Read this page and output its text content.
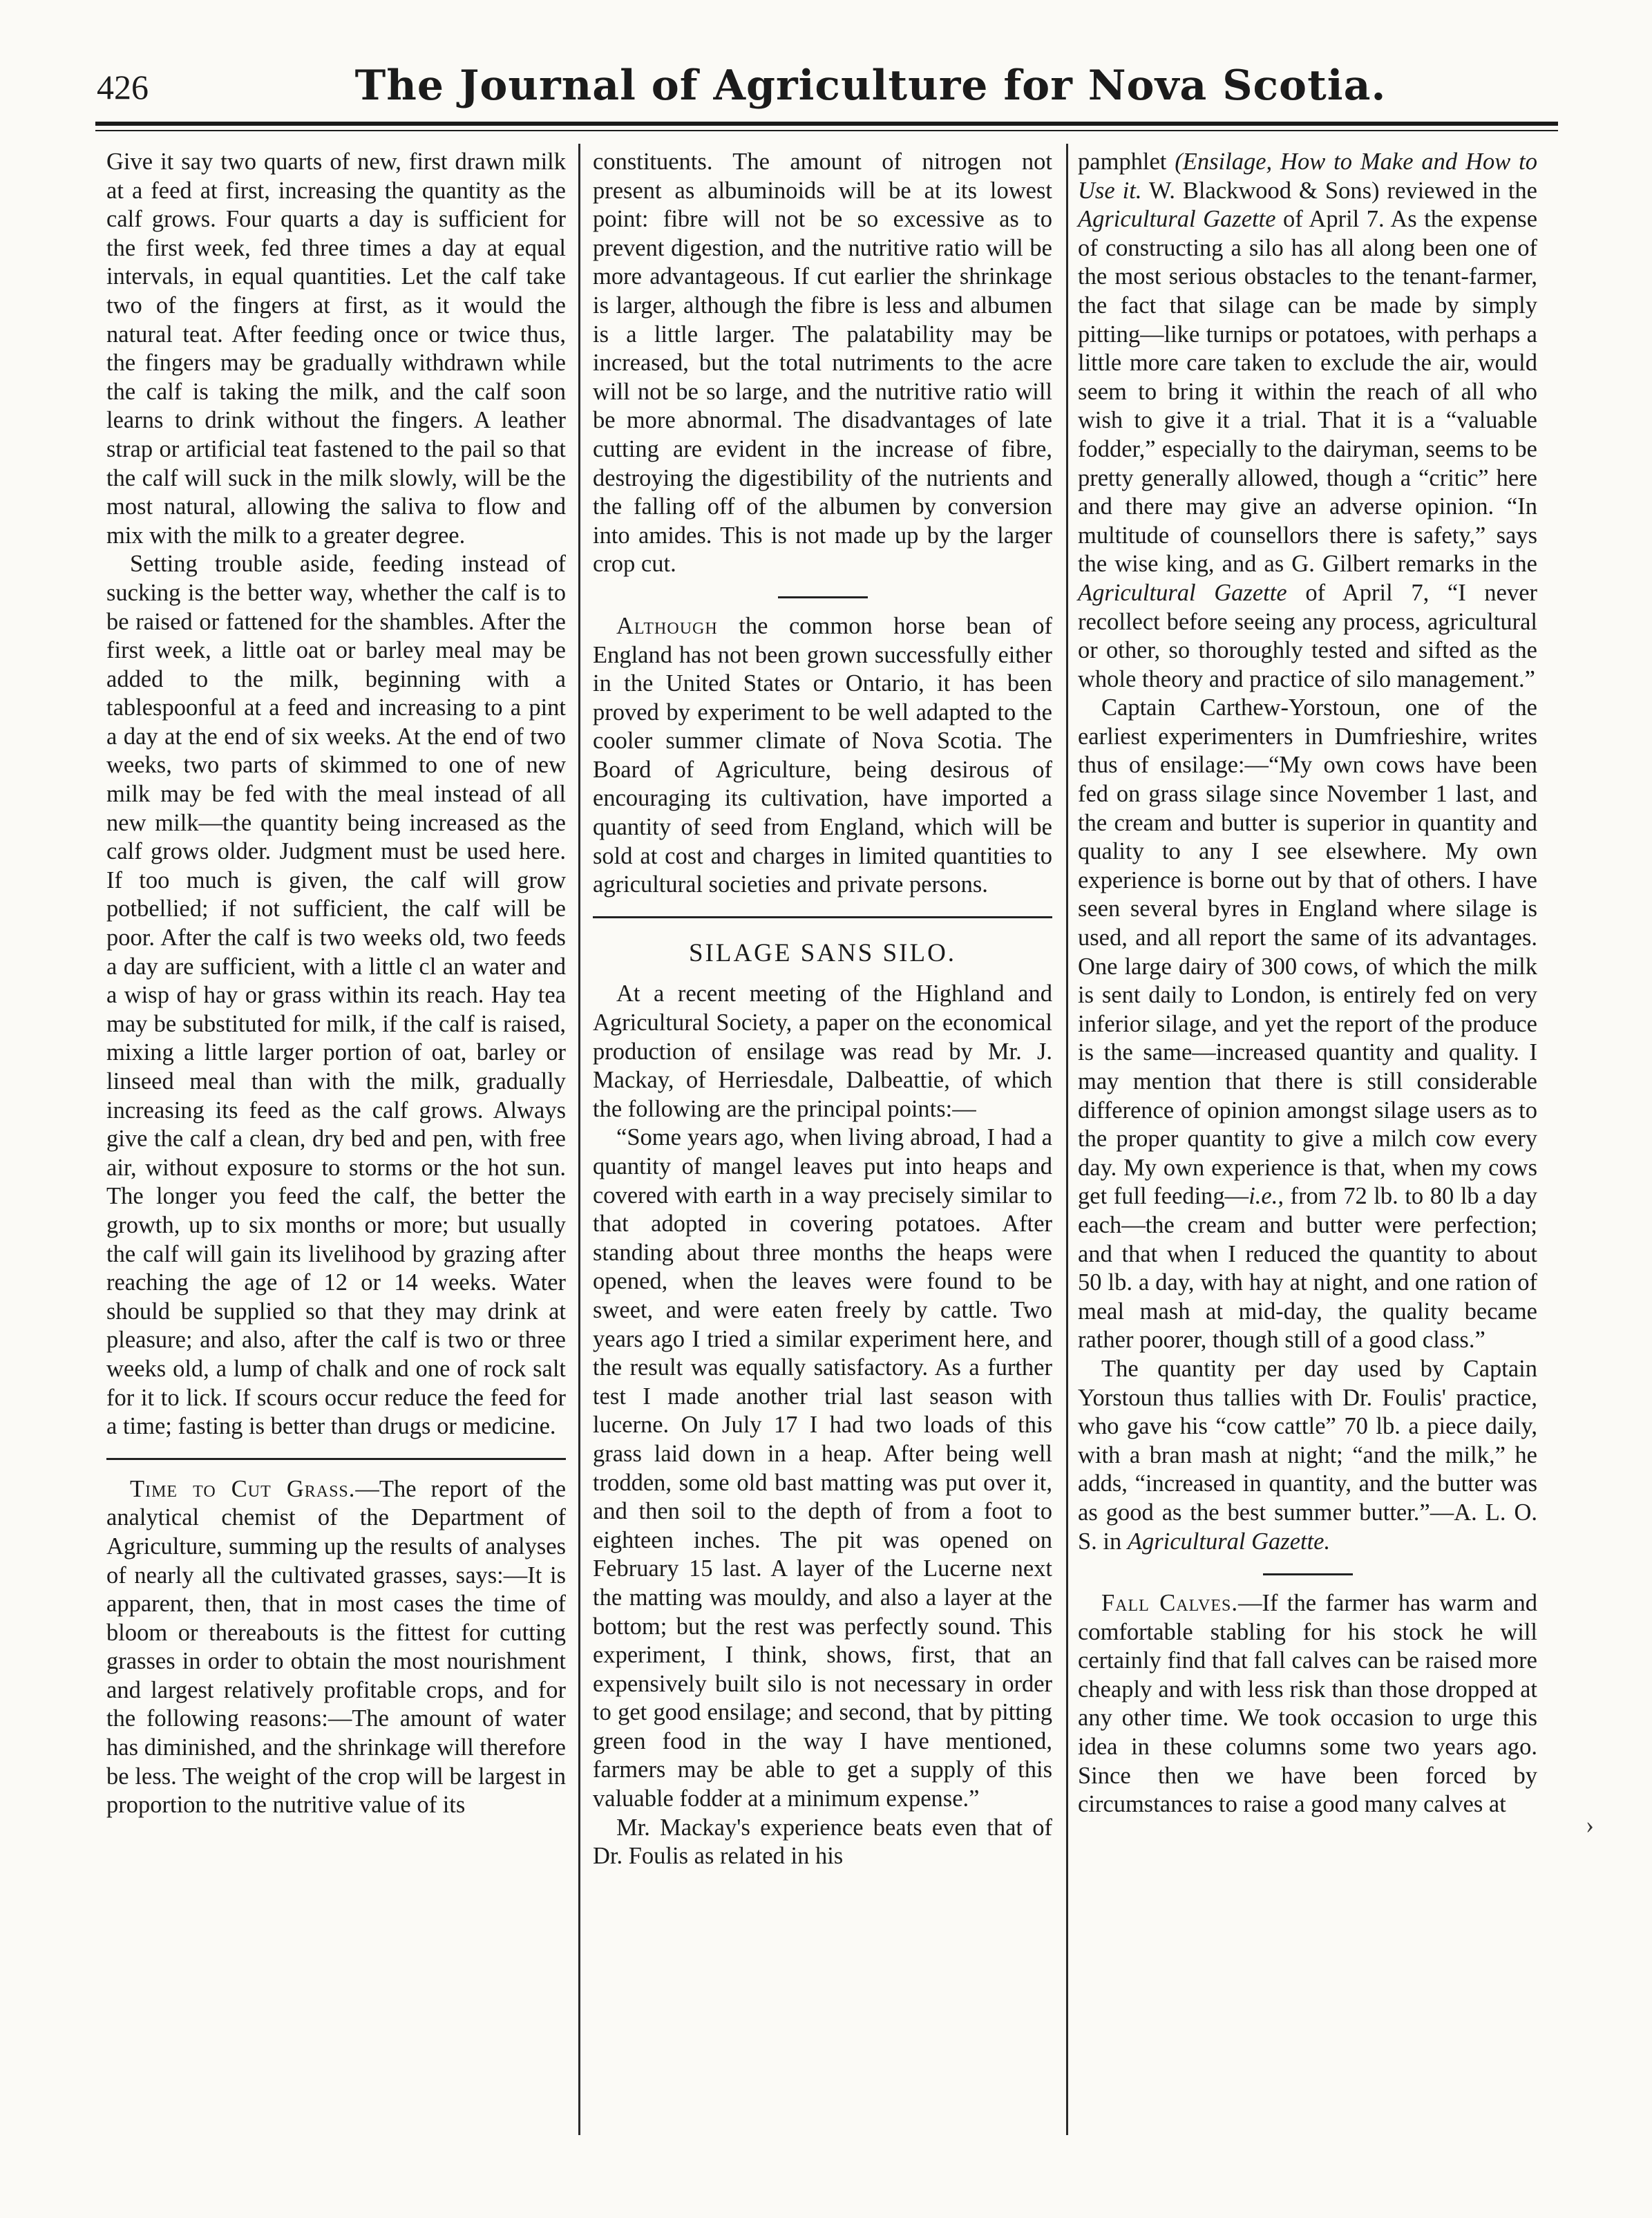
426	The Journal of Agriculture for Nova Scotia.

Give it say two quarts of new, first drawn milk at a feed at first, increasing the quantity as the calf grows. Four quarts a day is sufficient for the first week, fed three times a day at equal intervals, in equal quantities. Let the calf take two of the fingers at first, as it would the natural teat. After feeding once or twice thus, the fingers may be gradually withdrawn while the calf is taking the milk, and the calf soon learns to drink without the fingers. A leather strap or artificial teat fastened to the pail so that the calf will suck in the milk slowly, will be the most natural, allowing the saliva to flow and mix with the milk to a greater degree.

Setting trouble aside, feeding instead of sucking is the better way, whether the calf is to be raised or fattened for the shambles. After the first week, a little oat or barley meal may be added to the milk, beginning with a tablespoonful at a feed and increasing to a pint a day at the end of six weeks. At the end of two weeks, two parts of skimmed to one of new milk may be fed with the meal instead of all new milk—the quantity being increased as the calf grows older. Judgment must be used here. If too much is given, the calf will grow potbellied; if not sufficient, the calf will be poor. After the calf is two weeks old, two feeds a day are sufficient, with a little cl an water and a wisp of hay or grass within its reach. Hay tea may be substituted for milk, if the calf is raised, mixing a little larger portion of oat, barley or linseed meal than with the milk, gradually increasing its feed as the calf grows. Always give the calf a clean, dry bed and pen, with free air, without exposure to storms or the hot sun. The longer you feed the calf, the better the growth, up to six months or more; but usually the calf will gain its livelihood by grazing after reaching the age of 12 or 14 weeks. Water should be supplied so that they may drink at pleasure; and also, after the calf is two or three weeks old, a lump of chalk and one of rock salt for it to lick. If scours occur reduce the feed for a time; fasting is better than drugs or medicine.

Time to Cut Grass.—The report of the analytical chemist of the Department of Agriculture, summing up the results of analyses of nearly all the cultivated grasses, says:—It is apparent, then, that in most cases the time of bloom or thereabouts is the fittest for cutting grasses in order to obtain the most nourishment and largest relatively profitable crops, and for the following reasons:—The amount of water has diminished, and the shrinkage will therefore be less. The weight of the crop will be largest in proportion to the nutritive value of its

constituents. The amount of nitrogen not present as albuminoids will be at its lowest point: fibre will not be so excessive as to prevent digestion, and the nutritive ratio will be more advantageous. If cut earlier the shrinkage is larger, although the fibre is less and albumen is a little larger. The palatability may be increased, but the total nutriments to the acre will not be so large, and the nutritive ratio will be more abnormal. The disadvantages of late cutting are evident in the increase of fibre, destroying the digestibility of the nutrients and the falling off of the albumen by conversion into amides. This is not made up by the larger crop cut.

Although the common horse bean of England has not been grown successfully either in the United States or Ontario, it has been proved by experiment to be well adapted to the cooler summer climate of Nova Scotia. The Board of Agriculture, being desirous of encouraging its cultivation, have imported a quantity of seed from England, which will be sold at cost and charges in limited quantities to agricultural societies and private persons.

SILAGE SANS SILO.

At a recent meeting of the Highland and Agricultural Society, a paper on the economical production of ensilage was read by Mr. J. Mackay, of Herriesdale, Dalbeattie, of which the following are the principal points:—

“Some years ago, when living abroad, I had a quantity of mangel leaves put into heaps and covered with earth in a way precisely similar to that adopted in covering potatoes. After standing about three months the heaps were opened, when the leaves were found to be sweet, and were eaten freely by cattle. Two years ago I tried a similar experiment here, and the result was equally satisfactory. As a further test I made another trial last season with lucerne. On July 17 I had two loads of this grass laid down in a heap. After being well trodden, some old bast matting was put over it, and then soil to the depth of from a foot to eighteen inches. The pit was opened on February 15 last. A layer of the Lucerne next the matting was mouldy, and also a layer at the bottom; but the rest was perfectly sound. This experiment, I think, shows, first, that an expensively built silo is not necessary in order to get good ensilage; and second, that by pitting green food in the way I have mentioned, farmers may be able to get a supply of this valuable fodder at a minimum expense.”

Mr. Mackay's experience beats even that of Dr. Foulis as related in his

pamphlet (Ensilage, How to Make and How to Use it. W. Blackwood & Sons) reviewed in the Agricultural Gazette of April 7. As the expense of constructing a silo has all along been one of the most serious obstacles to the tenant-farmer, the fact that silage can be made by simply pitting—like turnips or potatoes, with perhaps a little more care taken to exclude the air, would seem to bring it within the reach of all who wish to give it a trial. That it is a “valuable fodder,” especially to the dairyman, seems to be pretty generally allowed, though a “critic” here and there may give an adverse opinion. “In multitude of counsellors there is safety,” says the wise king, and as G. Gilbert remarks in the Agricultural Gazette of April 7, “I never recollect before seeing any process, agricultural or other, so thoroughly tested and sifted as the whole theory and practice of silo management.”

Captain Carthew-Yorstoun, one of the earliest experimenters in Dumfrieshire, writes thus of ensilage:—“My own cows have been fed on grass silage since November 1 last, and the cream and butter is superior in quantity and quality to any I see elsewhere. My own experience is borne out by that of others. I have seen several byres in England where silage is used, and all report the same of its advantages. One large dairy of 300 cows, of which the milk is sent daily to London, is entirely fed on very inferior silage, and yet the report of the produce is the same—increased quantity and quality. I may mention that there is still considerable difference of opinion amongst silage users as to the proper quantity to give a milch cow every day. My own experience is that, when my cows get full feeding—i.e., from 72 lb. to 80 lb a day each—the cream and butter were perfection; and that when I reduced the quantity to about 50 lb. a day, with hay at night, and one ration of meal mash at mid-day, the quality became rather poorer, though still of a good class.”

The quantity per day used by Captain Yorstoun thus tallies with Dr. Foulis' practice, who gave his “cow cattle” 70 lb. a piece daily, with a bran mash at night; “and the milk,” he adds, “increased in quantity, and the butter was as good as the best summer butter.”—A. L. O. S. in Agricultural Gazette.

Fall Calves.—If the farmer has warm and comfortable stabling for his stock he will certainly find that fall calves can be raised more cheaply and with less risk than those dropped at any other time. We took occasion to urge this idea in these columns some two years ago. Since then we have been forced by circumstances to raise a good many calves at

›
